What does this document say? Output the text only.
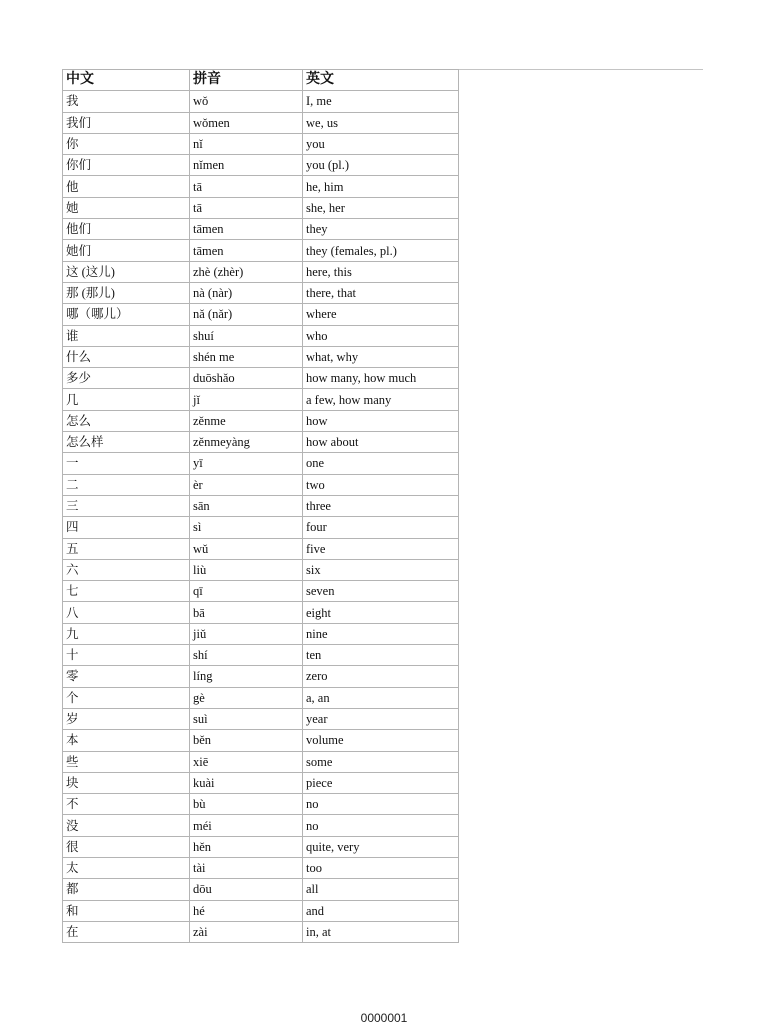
中文	拼音	英文
我	wǒ	I, me
我们	wǒmen	we, us
你	nǐ	you
你们	nǐmen	you (pl.)
他	tā	he, him
她	tā	she, her
他们	tāmen	they
她们	tāmen	they (females, pl.)
这 (这儿)	zhè (zhèr)	here, this
那 (那儿)	nà (nàr)	there, that
哪（哪儿）	nǎ (nǎr)	where
谁	shuí	who
什么	shén me	what, why
多少	duōshǎo	how many, how much
几	jǐ	a few, how many
怎么	zěnme	how
怎么样	zěnmeyàng	how about
一	yī	one
二	èr	two
三	sān	three
四	sì	four
五	wǔ	five
六	liù	six
七	qī	seven
八	bā	eight
九	jiǔ	nine
十	shí	ten
零	líng	zero
个	gè	a, an
岁	suì	year
本	běn	volume
些	xiē	some
块	kuài	piece
不	bù	no
没	méi	no
很	hěn	quite, very
太	tài	too
都	dōu	all
和	hé	and
在	zài	in, at
0000001
